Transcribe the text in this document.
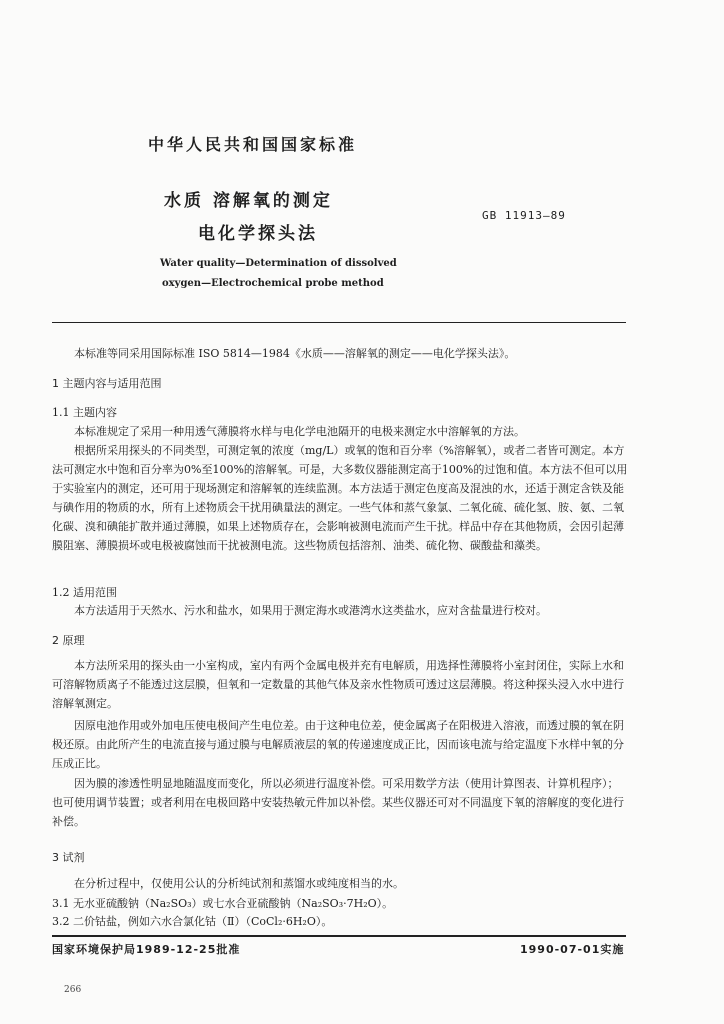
中华人民共和国国家标准
水质 溶解氧的测定
电化学探头法
GB 11913—89
Water quality—Determination of dissolved
oxygen—Electrochemical probe method
本标准等同采用国际标准 ISO 5814—1984《水质——溶解氧的测定——电化学探头法》。
1 主题内容与适用范围
1.1 主题内容
本标准规定了采用一种用透气薄膜将水样与电化学电池隔开的电极来测定水中溶解氧的方法。
根据所采用探头的不同类型，可测定氧的浓度（mg/L）或氧的饱和百分率（%溶解氧），或者二者皆可测定。本方法可测定水中饱和百分率为0%至100%的溶解氧。可是，大多数仪器能测定高于100%的过饱和值。本方法不但可以用于实验室内的测定，还可用于现场测定和溶解氧的连续监测。本方法适于测定色度高及混浊的水，还适于测定含铁及能与碘作用的物质的水，所有上述物质会干扰用碘量法的测定。一些气体和蒸气象氯、二氧化硫、硫化氢、胺、氨、二氧化碳、溴和碘能扩散并通过薄膜，如果上述物质存在，会影响被测电流而产生干扰。样品中存在其他物质，会因引起薄膜阻塞、薄膜损坏或电极被腐蚀而干扰被测电流。这些物质包括溶剂、油类、硫化物、碳酸盐和藻类。
1.2 适用范围
本方法适用于天然水、污水和盐水，如果用于测定海水或港湾水这类盐水，应对含盐量进行校对。
2 原理
本方法所采用的探头由一小室构成，室内有两个金属电极并充有电解质，用选择性薄膜将小室封闭住，实际上水和可溶解物质离子不能透过这层膜，但氧和一定数量的其他气体及亲水性物质可透过这层薄膜。将这种探头浸入水中进行溶解氧测定。
因原电池作用或外加电压使电极间产生电位差。由于这种电位差，使金属离子在阳极进入溶液，而透过膜的氧在阴极还原。由此所产生的电流直接与通过膜与电解质液层的氧的传递速度成正比，因而该电流与给定温度下水样中氧的分压成正比。
因为膜的渗透性明显地随温度而变化，所以必须进行温度补偿。可采用数学方法（使用计算图表、计算机程序）；也可使用调节装置；或者利用在电极回路中安装热敏元件加以补偿。某些仪器还可对不同温度下氧的溶解度的变化进行补偿。
3 试剂
在分析过程中，仅使用公认的分析纯试剂和蒸馏水或纯度相当的水。
3.1 无水亚硫酸钠（Na₂SO₃）或七水合亚硫酸钠（Na₂SO₃·7H₂O）。
3.2 二价钴盐，例如六水合氯化钴（Ⅱ）（CoCl₂·6H₂O）。
国家环境保护局1989-12-25批准	1990-07-01实施
266
